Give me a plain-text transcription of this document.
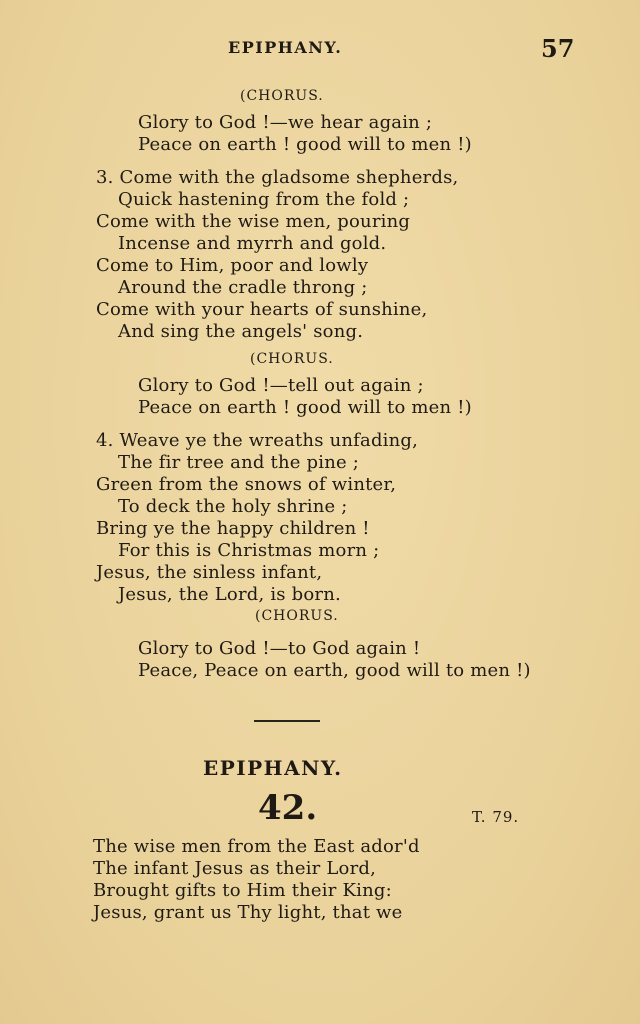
EPIPHANY.	57
(CHORUS.
Glory to God !—we hear again ;
Peace on earth ! good will to men !)
3. Come with the gladsome shepherds,
Quick hastening from the fold ;
Come with the wise men, pouring
Incense and myrrh and gold.
Come to Him, poor and lowly
Around the cradle throng ;
Come with your hearts of sunshine,
And sing the angels' song.
(CHORUS.
Glory to God !—tell out again ;
Peace on earth ! good will to men !)
4. Weave ye the wreaths unfading,
The fir tree and the pine ;
Green from the snows of winter,
To deck the holy shrine ;
Bring ye the happy children !
For this is Christmas morn ;
Jesus, the sinless infant,
Jesus, the Lord, is born.
(CHORUS.
Glory to God !—to God again !
Peace, Peace on earth, good will to men !)
EPIPHANY.
42.	T. 79.
The wise men from the East ador'd
The infant Jesus as their Lord,
Brought gifts to Him their King:
Jesus, grant us Thy light, that we
